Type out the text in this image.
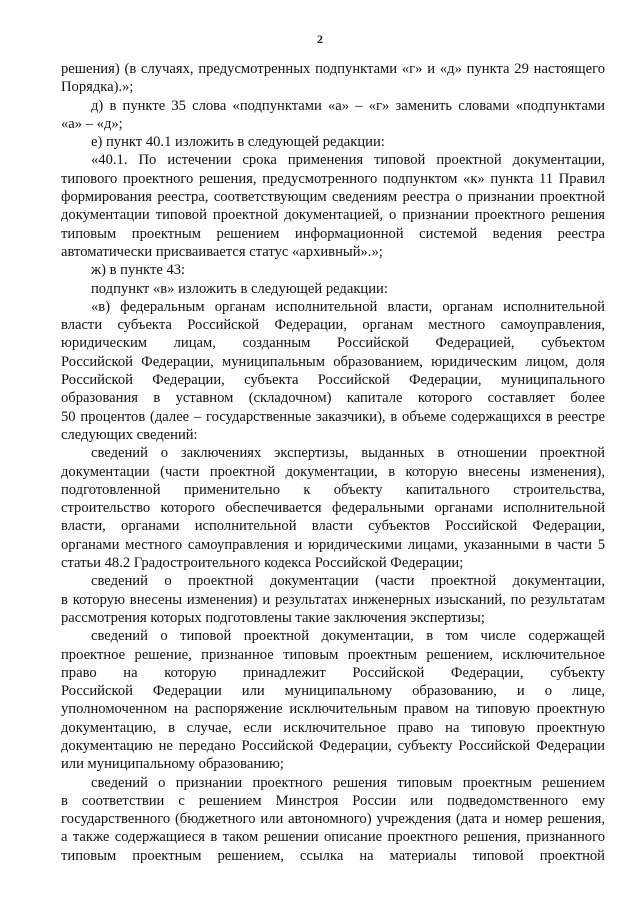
2
решения) (в случаях, предусмотренных подпунктами «г» и «д» пункта 29 настоящего
Порядка).»;
д) в пункте 35 слова «подпунктами «а» – «г» заменить словами «подпунктами
«а» – «д»;
е) пункт 40.1 изложить в следующей редакции:
«40.1. По истечении срока применения типовой проектной документации,
типового проектного решения, предусмотренного подпунктом «к» пункта 11 Правил
формирования реестра, соответствующим сведениям реестра о признании проектной
документации типовой проектной документацией, о признании проектного решения
типовым проектным решением информационной системой ведения реестра
автоматически присваивается статус «архивный».»;
ж) в пункте 43:
подпункт «в» изложить в следующей редакции:
«в) федеральным органам исполнительной власти, органам исполнительной
власти субъекта Российской Федерации, органам местного самоуправления,
юридическим лицам, созданным Российской Федерацией, субъектом
Российской Федерации, муниципальным образованием, юридическим лицом, доля
Российской Федерации, субъекта Российской Федерации, муниципального
образования в уставном (складочном) капитале которого составляет более
50 процентов (далее – государственные заказчики), в объеме содержащихся в реестре
следующих сведений:
сведений о заключениях экспертизы, выданных в отношении проектной
документации (части проектной документации, в которую внесены изменения),
подготовленной применительно к объекту капитального строительства,
строительство которого обеспечивается федеральными органами исполнительной
власти, органами исполнительной власти субъектов Российской Федерации,
органами местного самоуправления и юридическими лицами, указанными в части 5
статьи 48.2 Градостроительного кодекса Российской Федерации;
сведений о проектной документации (части проектной документации,
в которую внесены изменения) и результатах инженерных изысканий, по результатам
рассмотрения которых подготовлены такие заключения экспертизы;
сведений о типовой проектной документации, в том числе содержащей
проектное решение, признанное типовым проектным решением, исключительное
право на которую принадлежит Российской Федерации, субъекту
Российской Федерации или муниципальному образованию, и о лице,
уполномоченном на распоряжение исключительным правом на типовую проектную
документацию, в случае, если исключительное право на типовую проектную
документацию не передано Российской Федерации, субъекту Российской Федерации
или муниципальному образованию;
сведений о признании проектного решения типовым проектным решением
в соответствии с решением Минстроя России или подведомственного ему
государственного (бюджетного или автономного) учреждения (дата и номер решения,
а также содержащиеся в таком решении описание проектного решения, признанного
типовым проектным решением, ссылка на материалы типовой проектной
